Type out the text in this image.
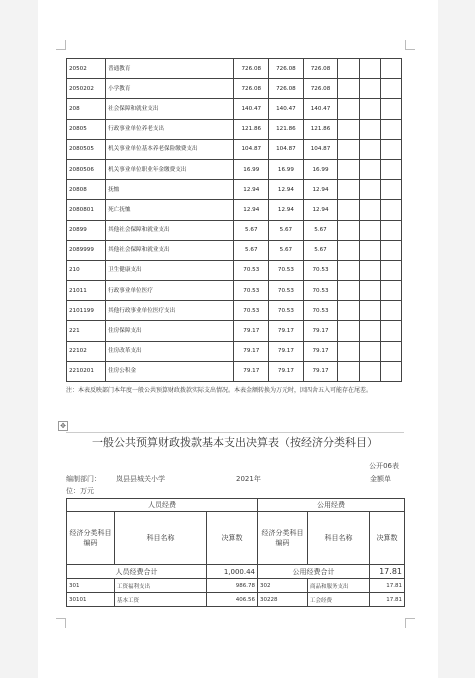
20502	普通教育	726.08	726.08	726.08			
2050202	小学教育	726.08	726.08	726.08			
208	社会保障和就业支出	140.47	140.47	140.47			
20805	行政事业单位养老支出	121.86	121.86	121.86			
2080505	机关事业单位基本养老保险缴费支出	104.87	104.87	104.87			
2080506	机关事业单位职业年金缴费支出	16.99	16.99	16.99			
20808	抚恤	12.94	12.94	12.94			
2080801	死亡抚恤	12.94	12.94	12.94			
20899	其他社会保障和就业支出	5.67	5.67	5.67			
2089999	其他社会保障和就业支出	5.67	5.67	5.67			
210	卫生健康支出	70.53	70.53	70.53			
21011	行政事业单位医疗	70.53	70.53	70.53			
2101199	其他行政事业单位医疗支出	70.53	70.53	70.53			
221	住房保障支出	79.17	79.17	79.17			
22102	住房改革支出	79.17	79.17	79.17			
2210201	住房公积金	79.17	79.17	79.17			
注：本表反映部门本年度一般公共预算财政拨款实际支出情况。本表金额转换为万元时，因四舍五入可能存在尾差。
✥
一般公共预算财政拨款基本支出决算表（按经济分类科目）
公开06表
编制部门： 岚县县城关小学	2021年	金额单
位：万元
人员经费			公用经费		
经济分类科目编码	科目名称	决算数	经济分类科目编码	科目名称	决算数
人员经费合计		1,000.44	公用经费合计		17.81
301	工资福利支出	986.78	302	商品和服务支出	17.81
30101	基本工资	406.56	30228	工会经费	17.81
